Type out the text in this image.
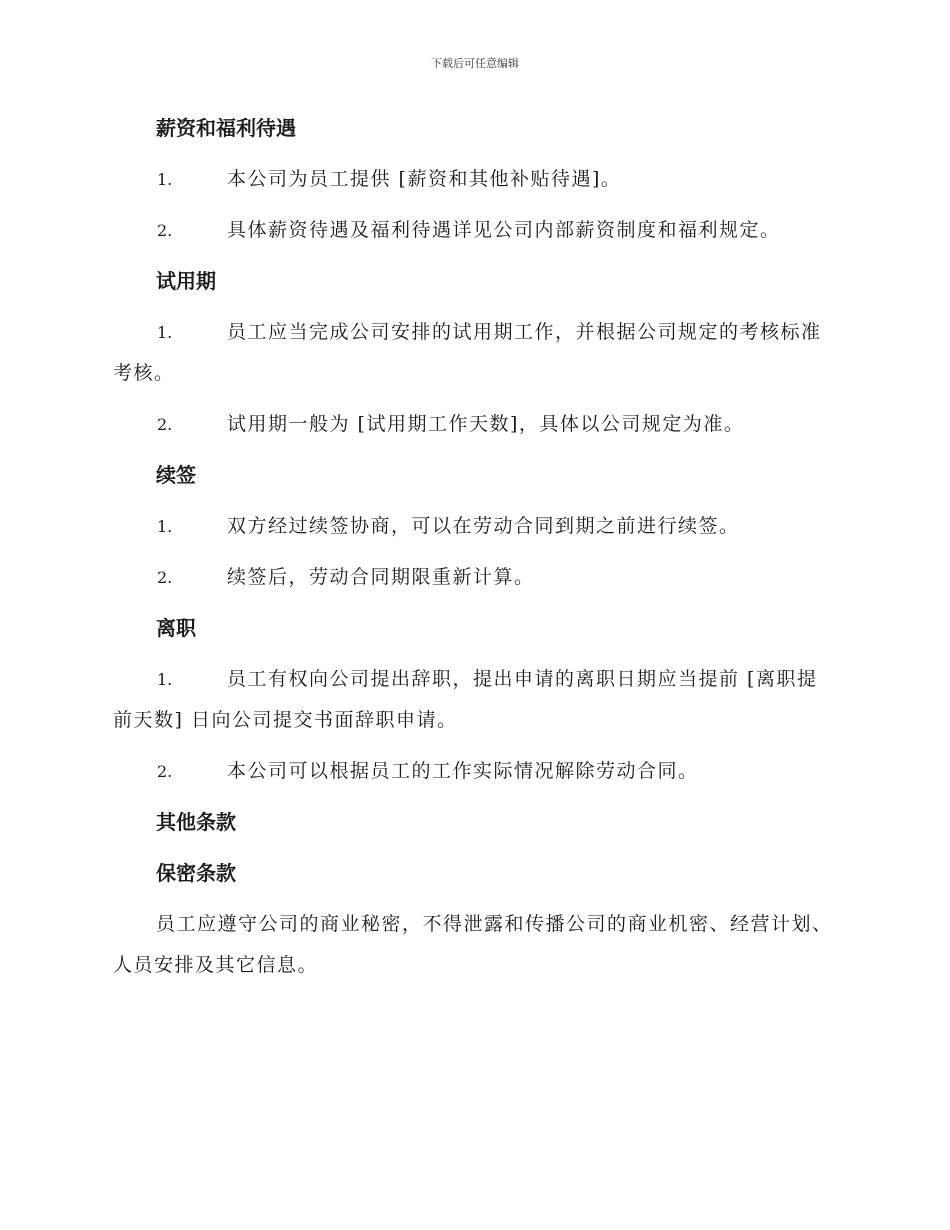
下载后可任意编辑
薪资和福利待遇
1.	本公司为员工提供 [薪资和其他补贴待遇]。
2.	具体薪资待遇及福利待遇详见公司内部薪资制度和福利规定。
试用期
1.	员工应当完成公司安排的试用期工作，并根据公司规定的考核标准考核。
2.	试用期一般为 [试用期工作天数]，具体以公司规定为准。
续签
1.	双方经过续签协商，可以在劳动合同到期之前进行续签。
2.	续签后，劳动合同期限重新计算。
离职
1.	员工有权向公司提出辞职，提出申请的离职日期应当提前 [离职提前天数] 日向公司提交书面辞职申请。
2.	本公司可以根据员工的工作实际情况解除劳动合同。
其他条款
保密条款

员工应遵守公司的商业秘密，不得泄露和传播公司的商业机密、经营计划、人员安排及其它信息。
